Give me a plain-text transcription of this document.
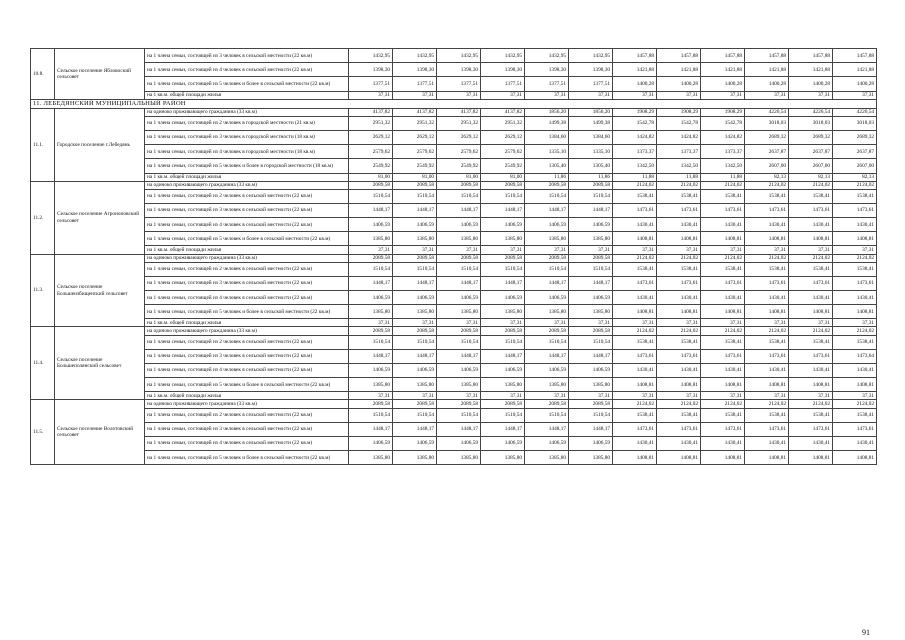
10.8.	Сельское поселение Ябловоский сельсовет	на 1 члена семьи, состоящей из 3 человек в сельской местности (22 кв.м)	1432,95	1432,95	1432,95	1432,95	1432,95	1432,95	1457,88	1457,88	1457,88	1457,88	1457,88	1457,88
		на 1 члена семьи, состоящей из 4 человек в сельской местности (22 кв.м)	1398,30	1398,30	1398,30	1398,30	1398,30	1398,30	1421,88	1421,88	1421,88	1421,88	1421,88	1421,88
		на 1 члена семьи, состоящей из 5 человек и более в сельской местности (22 кв.м)	1377,51	1377,51	1377,51	1377,51	1377,51	1377,51	1400,28	1400,28	1400,28	1400,28	1400,28	1400,28
		на 1 кв.м. общей площади жилья	37,31	37,31	37,31	37,31	37,31	37,31	37,31	37,31	37,31	37,31	37,31	37,31
11. ЛЕБЕДЯНСКИЙ МУНИЦИПАЛЬНЫЙ РАЙОН														
11.1.	Городское поселение г.Лебедянь	на одиноко проживающего гражданина (33 кв.м)	4137,82	4137,82	4137,82	4137,82	1856,20	1856,20	1908,29	1908,29	1908,29	4226,54	4226,54	4226,54
		на 1 члена семьи, состоящей из 2 человек в городской местности (21 кв.м)	2951,32	2951,32	2951,32	2951,32	1499,38	1499,38	1542,78	1542,78	1542,78	3018,03	3018,03	3018,03
		на 1 члена семьи, состоящей из 3 человек в городской местности (18 кв.м)	2629,12	2629,12	2629,12	2629,12	1384,60	1384,60	1424,82	1424,82	1424,82	2689,32	2689,32	2689,32
		на 1 члена семьи, состоящей из 4 человек в городской местности (18 кв.м)	2579,62	2579,62	2579,62	2579,62	1335,10	1335,10	1373,37	1373,37	1373,37	2637,87	2637,87	2637,87
		на 1 члена семьи, состоящей из 5 человек и более в городской местности (18 кв.м)	2549,92	2549,92	2549,92	2549,92	1305,40	1305,40	1342,50	1342,50	1342,50	2607,00	2607,00	2607,00
		на 1 кв.м. общей площади жилья	81,00	81,00	81,00	81,00	11,86	11,86	11,88	11,88	11,88	82,13	82,13	82,13
11.2.	Сельское поселение Агроноповский сельсовет	на одиноко проживающего гражданина (33 кв.м)	2089,58	2089,58	2089,58	2089,58	2089,58	2089,58	2124,02	2124,02	2124,02	2124,02	2124,02	2124,02
		на 1 члена семьи, состоящей из 2 человек в сельской местности (22 кв.м)	1510,54	1510,54	1510,54	1510,54	1510,54	1510,54	1538,41	1538,41	1538,41	1538,41	1538,41	1538,41
		на 1 члена семьи, состоящей из 3 человек в сельской местности (22 кв.м)	1448,17	1448,17	1448,17	1448,17	1448,17	1448,17	1473,61	1473,61	1473,61	1473,61	1473,61	1473,61
		на 1 члена семьи, состоящей из 4 человек в сельской местности (22 кв.м)	1406,59	1406,59	1406,59	1406,59	1406,59	1406,59	1430,41	1430,41	1430,41	1430,41	1430,41	1430,41
		на 1 члена семьи, состоящей из 5 человек и более в сельской местности (22 кв.м)	1385,80	1385,80	1385,80	1385,80	1385,80	1385,80	1408,81	1408,81	1408,81	1408,81	1408,81	1408,81
		на 1 кв.м. общей площади жилья	37,31	37,31	37,31	37,31	37,31	37,31	37,31	37,31	37,31	37,31	37,31	37,31
11.3.	Сельское поселение Большеизбищенский сельсовет	на одиноко проживающего гражданина (33 кв.м)	2089,58	2089,58	2089,58	2089,58	2089,58	2089,58	2124,02	2124,02	2124,02	2124,02	2124,02	2124,02
		на 1 члена семьи, состоящей из 2 человек в сельской местности (22 кв.м)	1510,54	1510,54	1510,54	1510,54	1510,54	1510,54	1538,41	1538,41	1538,41	1538,41	1538,41	1538,41
		на 1 члена семьи, состоящей из 3 человек в сельской местности (22 кв.м)	1448,17	1448,17	1448,17	1448,17	1448,17	1448,17	1473,61	1473,61	1473,61	1473,61	1473,61	1473,61
		на 1 члена семьи, состоящей из 4 человек в сельской местности (22 кв.м)	1406,59	1406,59	1406,59	1406,59	1406,59	1406,59	1430,41	1430,41	1430,41	1430,41	1430,41	1430,41
		на 1 члена семьи, состоящей из 5 человек и более в сельской местности (22 кв.м)	1385,80	1385,80	1385,80	1385,80	1385,80	1385,80	1408,81	1408,81	1408,81	1408,81	1408,81	1408,81
		на 1 кв.м. общей площади жилья	37,31	37,31	37,31	37,31	37,31	37,31	37,31	37,31	37,31	37,31	37,31	37,31
11.4.	Сельское поселение Большеполянский сельсовет	на одиноко проживающего гражданина (33 кв.м)	2089,58	2089,58	2089,58	2089,58	2089,58	2089,58	2124,02	2124,02	2124,02	2124,02	2124,02	2124,02
		на 1 члена семьи, состоящей из 2 человек в сельской местности (22 кв.м)	1510,54	1510,54	1510,54	1510,54	1510,54	1510,54	1538,41	1538,41	1538,41	1538,41	1538,41	1538,41
		на 1 члена семьи, состоящей из 3 человек в сельской местности (22 кв.м)	1448,17	1448,17	1448,17	1448,17	1448,17	1448,17	1473,61	1473,61	1473,61	1473,61	1473,61	1473,64
		на 1 члена семьи, состоящей из 4 человек в сельской местности (22 кв.м)	1406,59	1406,59	1406,59	1406,59	1406,59	1406,59	1430,41	1430,41	1430,41	1430,41	1430,41	1430,41
		на 1 члена семьи, состоящей из 5 человек и более в сельской местности (22 кв.м)	1385,80	1385,80	1385,80	1385,80	1385,80	1385,80	1408,81	1408,81	1408,81	1408,81	1408,81	1408,81
		на 1 кв.м. общей площади жилья	37,31	37,31	37,31	37,31	37,31	37,31	37,31	37,31	37,31	37,31	37,31	37,31
11.5.	Сельское поселение Волотовский сельсовет	на одиноко проживающего гражданина (33 кв.м)	2089,58	2089,58	2089,58	2089,58	2089,58	2089,58	2124,02	2124,02	2124,02	2124,02	2124,02	2124,02
		на 1 члена семьи, состоящей из 2 человек в сельской местности (22 кв.м)	1510,54	1510,54	1510,54	1510,54	1510,54	1510,54	1538,41	1538,41	1538,41	1538,41	1538,41	1538,41
		на 1 члена семьи, состоящей из 3 человек в сельской местности (22 кв.м)	1448,17	1448,17	1448,17	1448,17	1448,17	1448,17	1473,61	1473,61	1473,61	1473,61	1473,61	1473,61
		на 1 члена семьи, состоящей из 4 человек в сельской местности (22 кв.м)	1406,59	1406,59	1406,59	1406,59	1406,59	1406,59	1430,41	1430,41	1430,41	1430,41	1430,41	1430,41
		на 1 члена семьи, состоящей из 5 человек и более в сельской местности (22 кв.м)	1385,80	1385,80	1385,80	1385,80	1385,80	1385,80	1408,81	1408,81	1408,81	1408,81	1408,81	1408,81
91
